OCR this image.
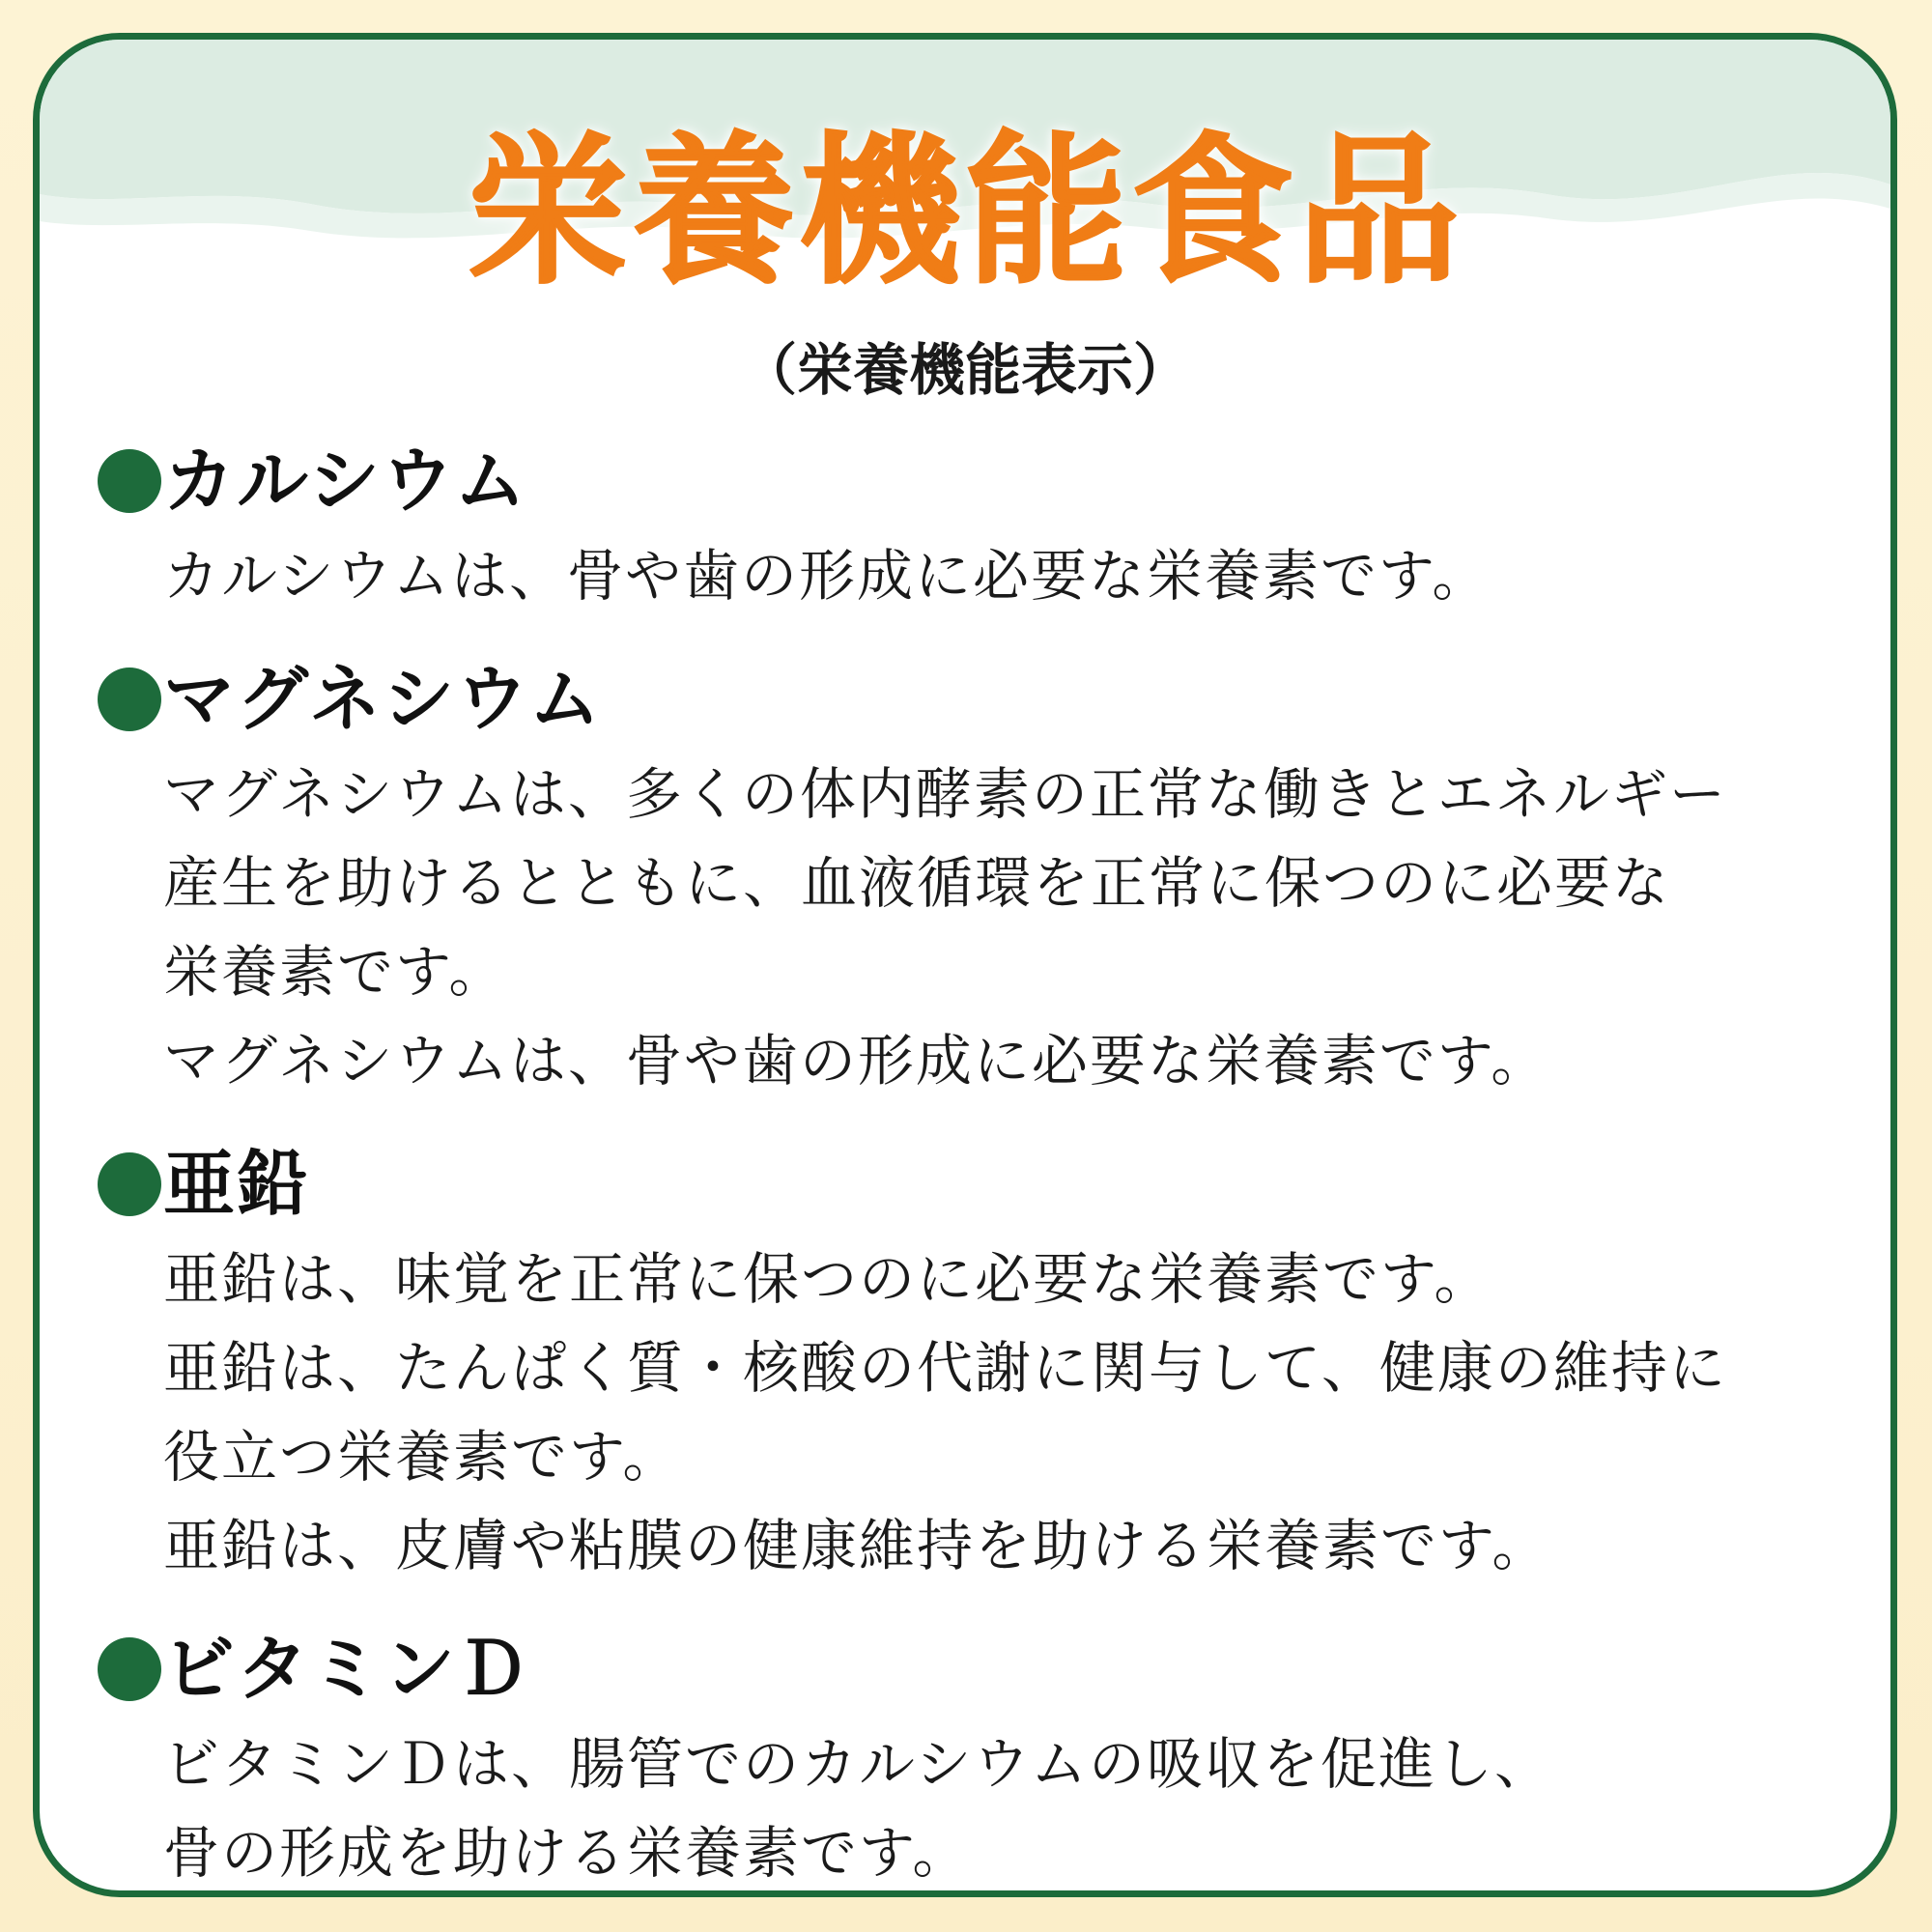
栄養機能食品
（栄養機能表示）
カルシウム
カルシウムは、骨や歯の形成に必要な栄養素です。
マグネシウム
マグネシウムは、多くの体内酵素の正常な働きとエネルギー
産生を助けるとともに、血液循環を正常に保つのに必要な
栄養素です。
マグネシウムは、骨や歯の形成に必要な栄養素です。
亜鉛
亜鉛は、味覚を正常に保つのに必要な栄養素です。
亜鉛は、たんぱく質・核酸の代謝に関与して、健康の維持に
役立つ栄養素です。
亜鉛は、皮膚や粘膜の健康維持を助ける栄養素です。
ビタミンＤ
ビタミンＤは、腸管でのカルシウムの吸収を促進し、
骨の形成を助ける栄養素です。
